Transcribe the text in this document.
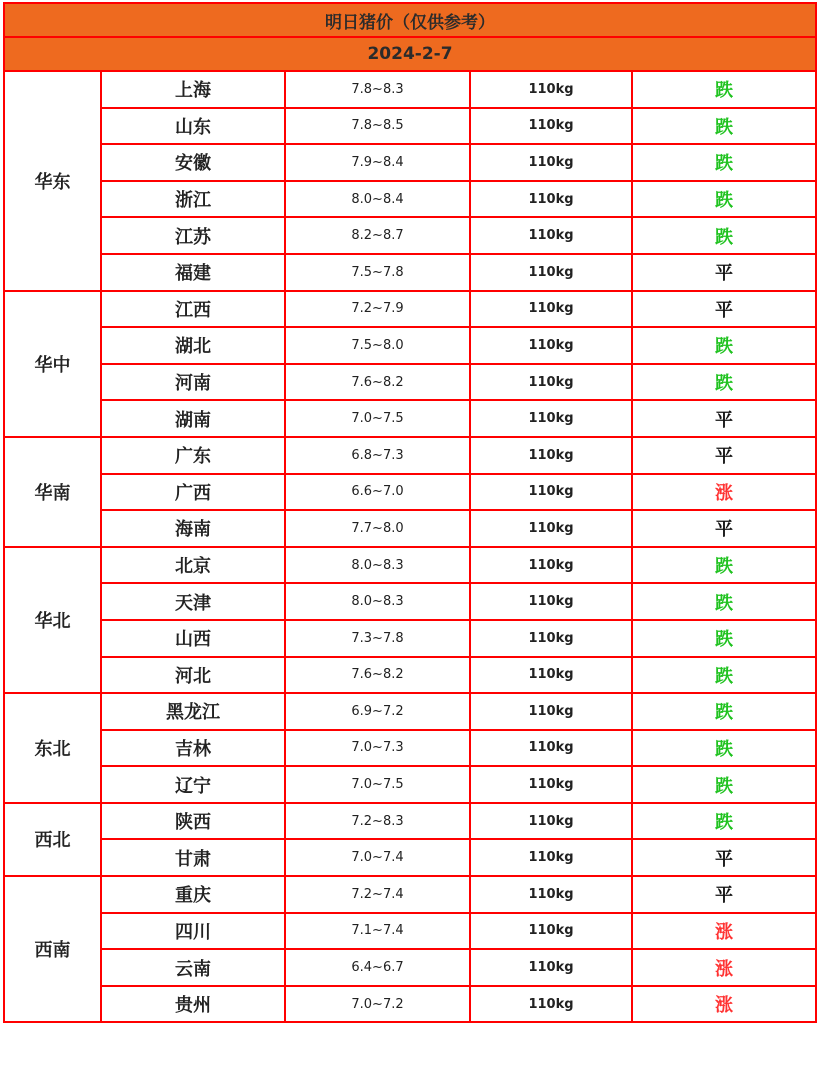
明日猪价（仅供参考）				
2024-2-7				
华东	上海	7.8~8.3	110kg	跌
	山东	7.8~8.5	110kg	跌
	安徽	7.9~8.4	110kg	跌
	浙江	8.0~8.4	110kg	跌
	江苏	8.2~8.7	110kg	跌
	福建	7.5~7.8	110kg	平
华中	江西	7.2~7.9	110kg	平
	湖北	7.5~8.0	110kg	跌
	河南	7.6~8.2	110kg	跌
	湖南	7.0~7.5	110kg	平
华南	广东	6.8~7.3	110kg	平
	广西	6.6~7.0	110kg	涨
	海南	7.7~8.0	110kg	平
华北	北京	8.0~8.3	110kg	跌
	天津	8.0~8.3	110kg	跌
	山西	7.3~7.8	110kg	跌
	河北	7.6~8.2	110kg	跌
东北	黑龙江	6.9~7.2	110kg	跌
	吉林	7.0~7.3	110kg	跌
	辽宁	7.0~7.5	110kg	跌
西北	陕西	7.2~8.3	110kg	跌
	甘肃	7.0~7.4	110kg	平
西南	重庆	7.2~7.4	110kg	平
	四川	7.1~7.4	110kg	涨
	云南	6.4~6.7	110kg	涨
	贵州	7.0~7.2	110kg	涨
